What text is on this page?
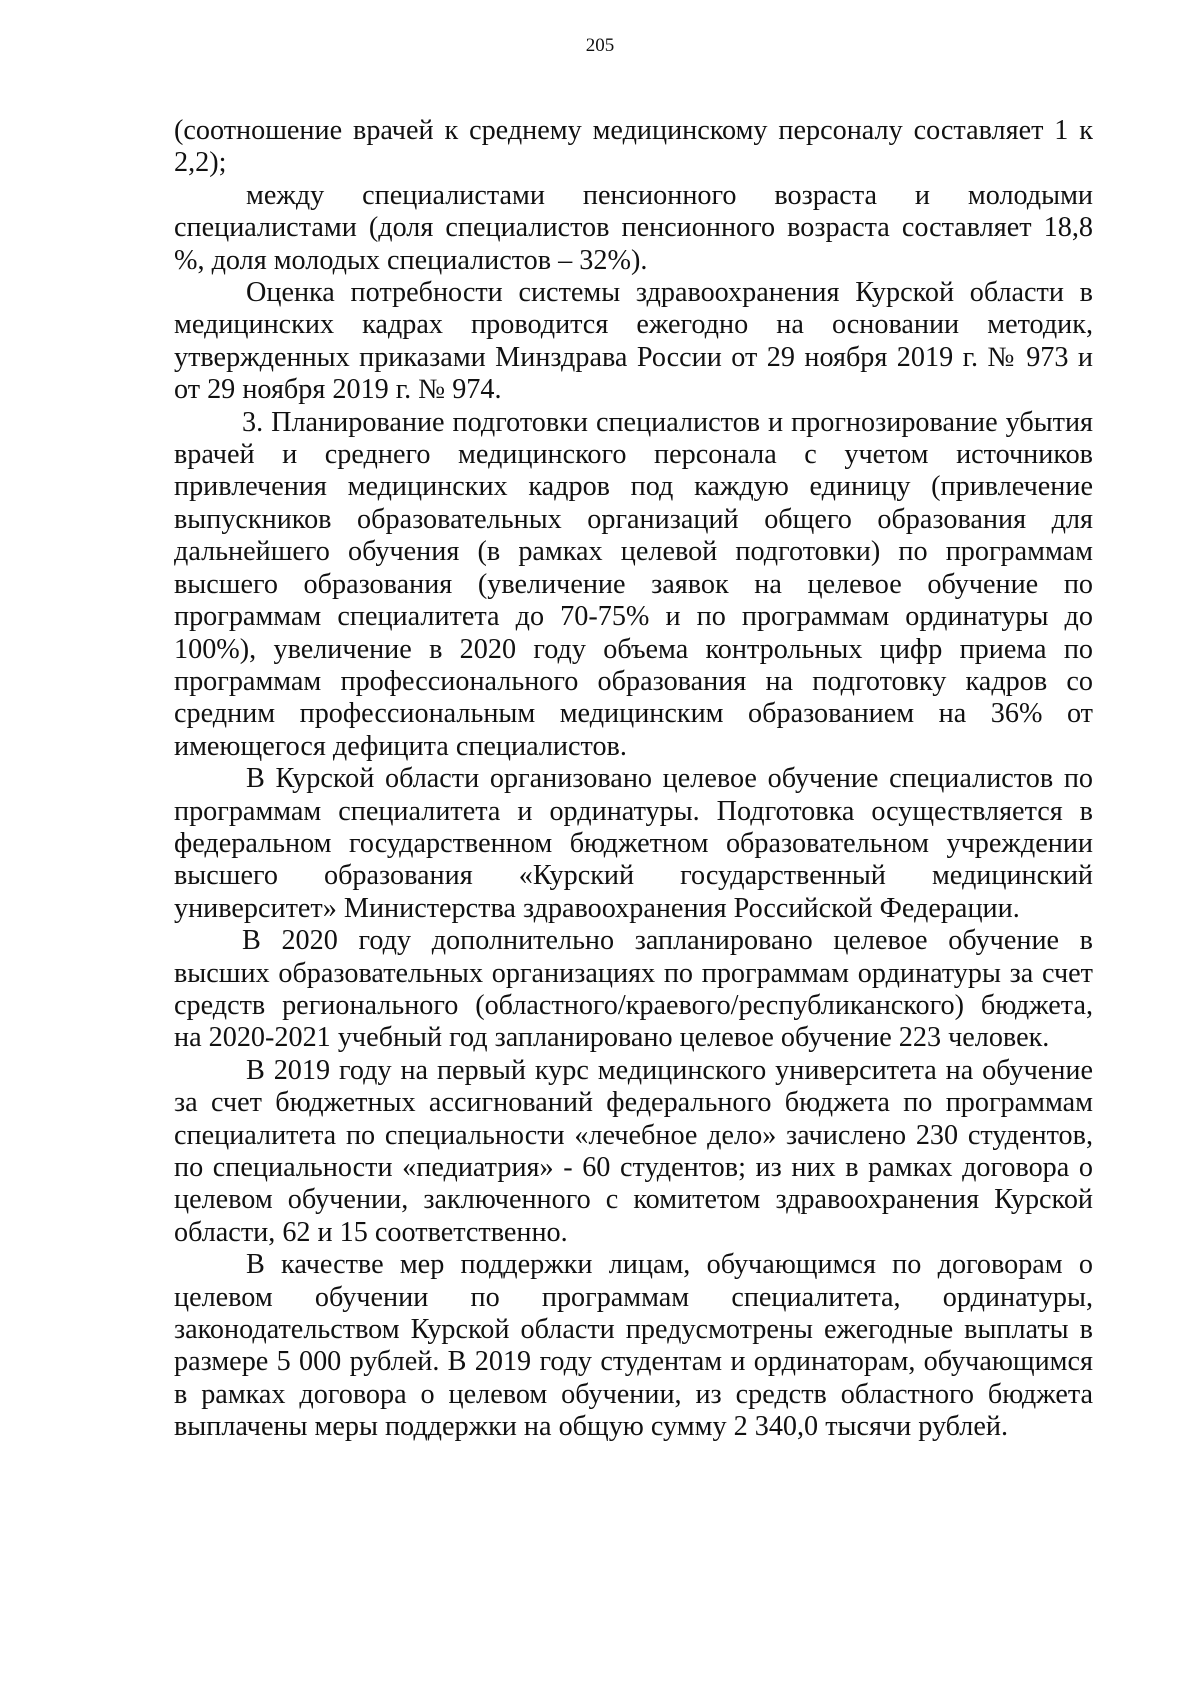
205

(соотношение врачей к среднему медицинскому персоналу составляет 1 к 2,2);

между специалистами пенсионного возраста и молодыми специалистами (доля специалистов пенсионного возраста составляет 18,8 %, доля молодых специалистов – 32%).

Оценка потребности системы здравоохранения Курской области в медицинских кадрах проводится ежегодно на основании методик, утвержденных приказами Минздрава России от 29 ноября 2019 г. № 973 и от 29 ноября 2019 г. № 974.

3. Планирование подготовки специалистов и прогнозирование убытия врачей и среднего медицинского персонала с учетом источников привлечения медицинских кадров под каждую единицу (привлечение выпускников образовательных организаций общего образования для дальнейшего обучения (в рамках целевой подготовки) по программам высшего образования (увеличение заявок на целевое обучение по программам специалитета до 70-75% и по программам ординатуры до 100%), увеличение в 2020 году объема контрольных цифр приема по программам профессионального образования на подготовку кадров со средним профессиональным медицинским образованием на 36% от имеющегося дефицита специалистов.

В Курской области организовано целевое обучение специалистов по программам специалитета и ординатуры. Подготовка осуществляется в федеральном государственном бюджетном образовательном учреждении высшего образования «Курский государственный медицинский университет» Министерства здравоохранения Российской Федерации.

В 2020 году дополнительно запланировано целевое обучение в высших образовательных организациях по программам ординатуры за счет средств регионального (областного/краевого/республиканского) бюджета, на 2020-2021 учебный год запланировано целевое обучение 223 человек.

В 2019 году на первый курс медицинского университета на обучение за счет бюджетных ассигнований федерального бюджета по программам специалитета по специальности «лечебное дело» зачислено 230 студентов, по специальности «педиатрия» - 60 студентов; из них в рамках договора о целевом обучении, заключенного с комитетом здравоохранения Курской области, 62 и 15 соответственно.

В качестве мер поддержки лицам, обучающимся по договорам о целевом обучении по программам специалитета, ординатуры, законодательством Курской области предусмотрены ежегодные выплаты в размере 5 000 рублей. В 2019 году студентам и ординаторам, обучающимся в рамках договора о целевом обучении, из средств областного бюджета выплачены меры поддержки на общую сумму 2 340,0 тысячи рублей.
